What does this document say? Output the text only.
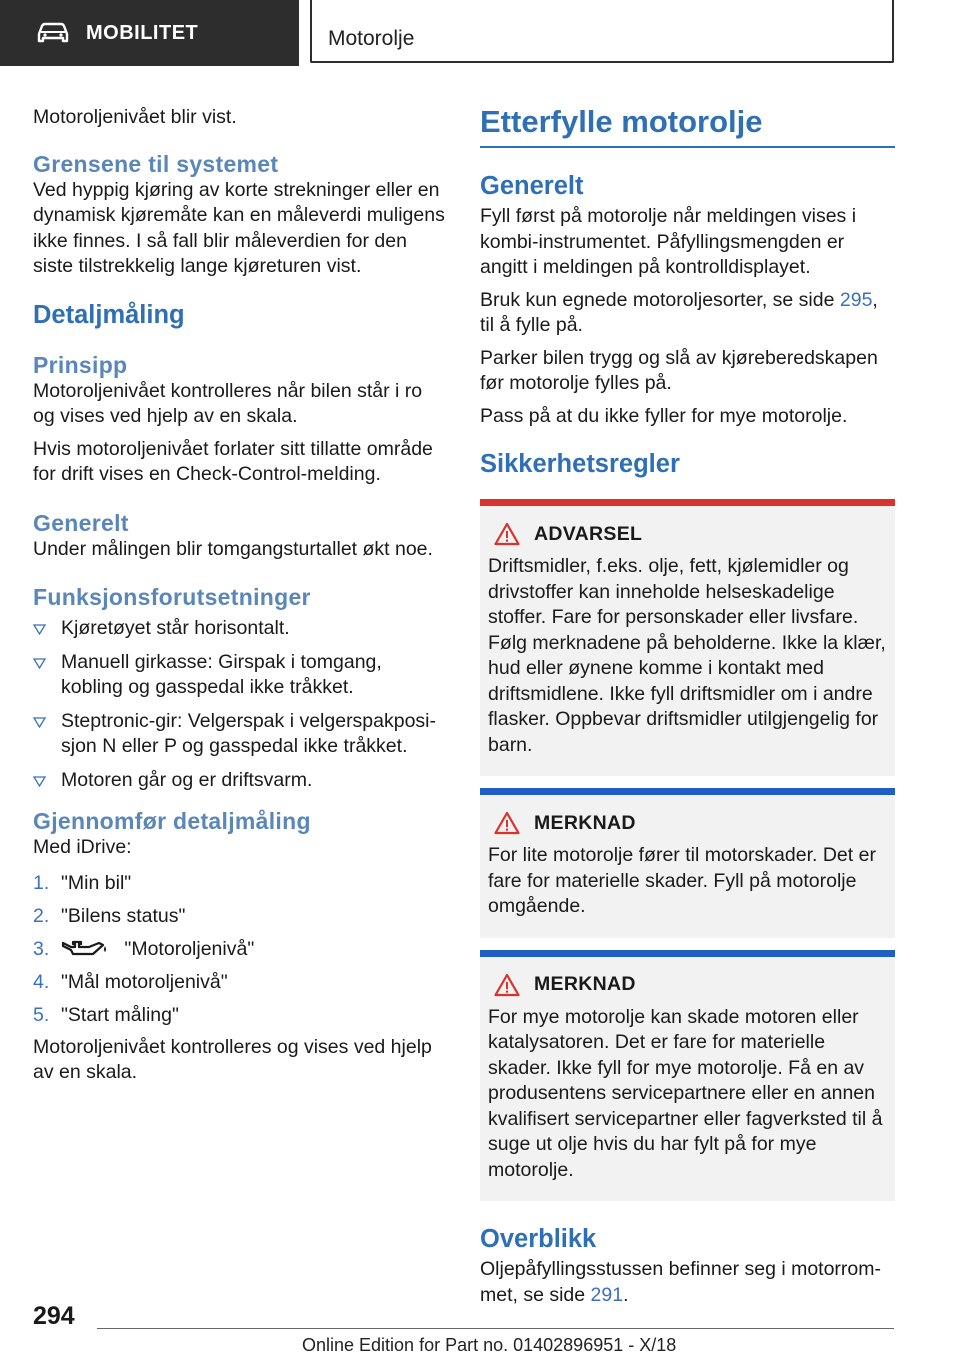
MOBILITET	Motorolje

Motoroljenivået blir vist.

Grensene til systemet

Ved hyppig kjøring av korte strekninger eller en dynamisk kjøremåte kan en måleverdi muligens ikke finnes. I så fall blir måleverdien for den siste tilstrekkelig lange kjøreturen vist.

Detaljmåling
Prinsipp

Motoroljenivået kontrolleres når bilen står i ro og vises ved hjelp av en skala.

Hvis motoroljenivået forlater sitt tillatte område for drift vises en Check-Control-melding.

Generelt

Under målingen blir tomgangsturtallet økt noe.

Funksjonsforutsetninger
Kjøretøyet står horisontalt.
Manuell girkasse: Girspak i tomgang, kobling og gasspedal ikke tråkket.
Steptronic-gir: Velgerspak i velgerspakposisjon N eller P og gasspedal ikke tråkket.
Motoren går og er driftsvarm.
Gjennomfør detaljmåling

Med iDrive:

1. "Min bil"
2. "Bilens status"
3.	"Motoroljenivå"
4. "Mål motoroljenivå"
5. "Start måling"

Motoroljenivået kontrolleres og vises ved hjelp av en skala.

Etterfylle motorolje
Generelt

Fyll først på motorolje når meldingen vises i kombi-instrumentet. Påfyllingsmengden er angitt i meldingen på kontrolldisplayet.

Bruk kun egnede motoroljesorter, se side 295, til å fylle på.

Parker bilen trygg og slå av kjøreberedskapen før motorolje fylles på.

Pass på at du ikke fyller for mye motorolje.

Sikkerhetsregler
ADVARSEL

Driftsmidler, f.eks. olje, fett, kjølemidler og drivstoffer kan inneholde helseskadelige stoffer. Fare for personskader eller livsfare. Følg merknadene på beholderne. Ikke la klær, hud eller øynene komme i kontakt med driftsmidlene. Ikke fyll driftsmidler om i andre flasker. Oppbevar driftsmidler utilgjengelig for barn.

MERKNAD

For lite motorolje fører til motorskader. Det er fare for materielle skader. Fyll på motorolje omgående.

MERKNAD

For mye motorolje kan skade motoren eller katalysatoren. Det er fare for materielle skader. Ikke fyll for mye motorolje. Få en av produsentens servicepartnere eller en annen kvalifisert servicepartner eller fagverksted til å suge ut olje hvis du har fylt på for mye motorolje.

Overblikk

Oljepåfyllingsstussen befinner seg i motorrommet, se side 291.

294
Online Edition for Part no. 01402896951 - X/18
